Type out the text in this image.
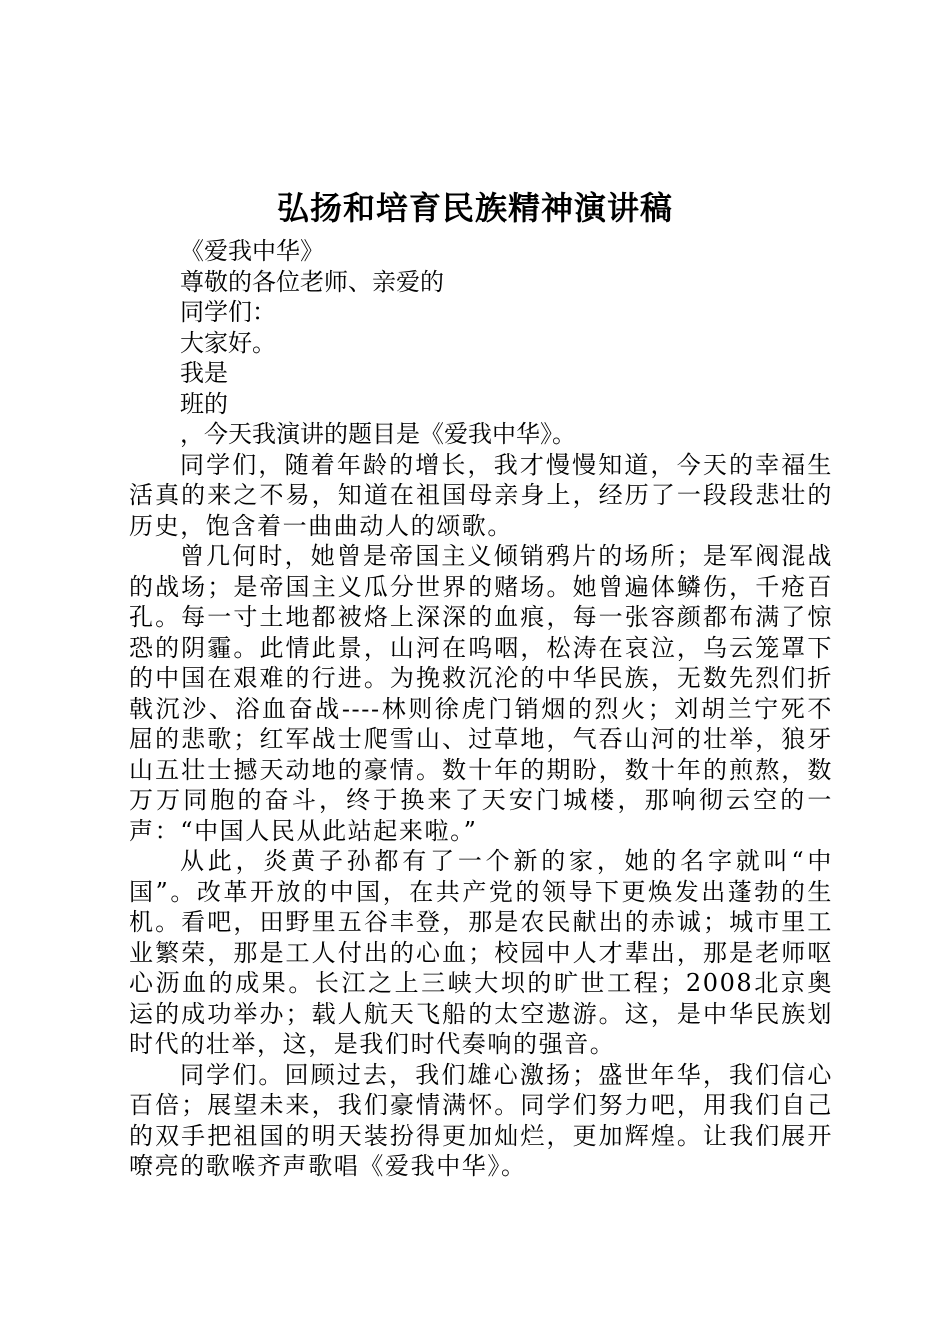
弘扬和培育民族精神演讲稿

《爱我中华》

尊敬的各位老师、亲爱的

同学们：

大家好。

我是

班的

，今天我演讲的题目是《爱我中华》。

同学们，随着年龄的增长，我才慢慢知道，今天的幸福生活真的来之不易，知道在祖国母亲身上，经历了一段段悲壮的历史，饱含着一曲曲动人的颂歌。

曾几何时，她曾是帝国主义倾销鸦片的场所；是军阀混战的战场；是帝国主义瓜分世界的赌场。她曾遍体鳞伤，千疮百孔。每一寸土地都被烙上深深的血痕，每一张容颜都布满了惊恐的阴霾。此情此景，山河在呜咽，松涛在哀泣，乌云笼罩下的中国在艰难的行进。为挽救沉沦的中华民族，无数先烈们折戟沉沙、浴血奋战----林则徐虎门销烟的烈火；刘胡兰宁死不屈的悲歌；红军战士爬雪山、过草地，气吞山河的壮举，狼牙山五壮士撼天动地的豪情。数十年的期盼，数十年的煎熬，数万万同胞的奋斗，终于换来了天安门城楼，那响彻云空的一声：“中国人民从此站起来啦。”

从此，炎黄子孙都有了一个新的家，她的名字就叫“中国”。改革开放的中国，在共产党的领导下更焕发出蓬勃的生机。看吧，田野里五谷丰登，那是农民献出的赤诚；城市里工业繁荣，那是工人付出的心血；校园中人才辈出，那是老师呕心沥血的成果。长江之上三峡大坝的旷世工程；2008北京奥运的成功举办；载人航天飞船的太空遨游。这，是中华民族划时代的壮举，这，是我们时代奏响的强音。

同学们。回顾过去，我们雄心激扬；盛世年华，我们信心百倍；展望未来，我们豪情满怀。同学们努力吧，用我们自己的双手把祖国的明天装扮得更加灿烂，更加辉煌。让我们展开嘹亮的歌喉齐声歌唱《爱我中华》。
